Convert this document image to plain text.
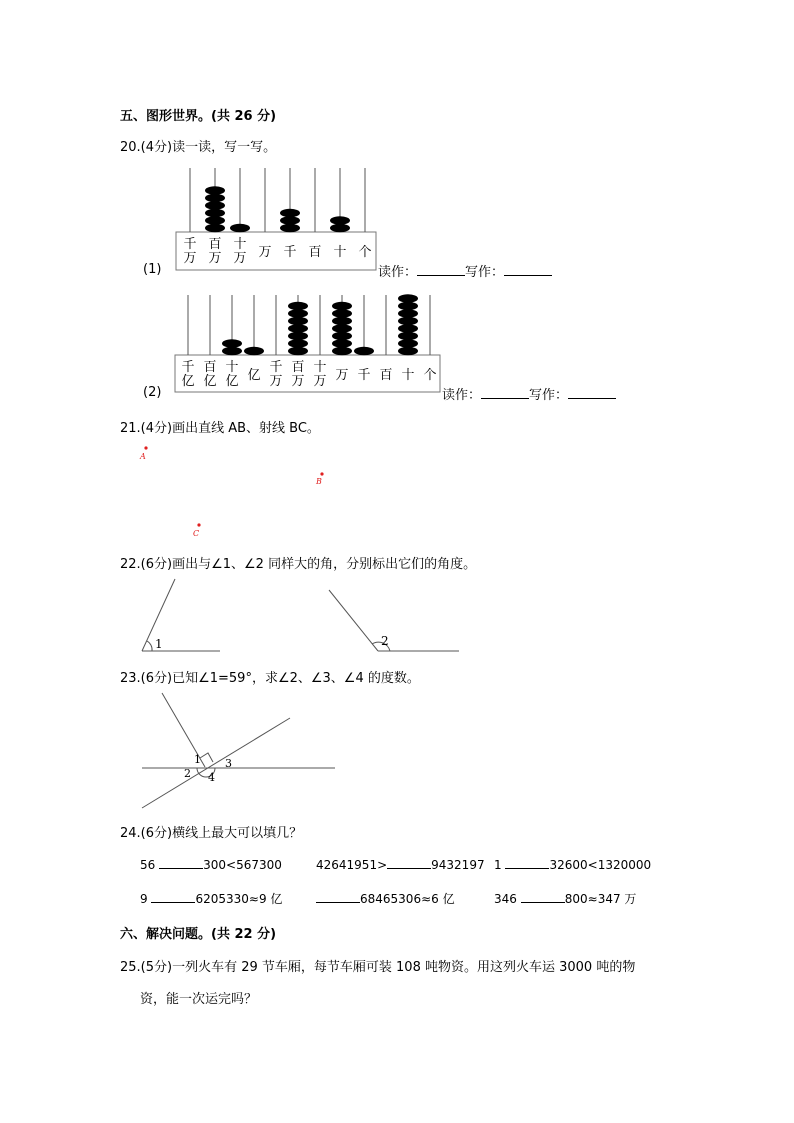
五、图形世界。(共 26 分)
20.(4分)读一读，写一写。
(1)
千
万
百
万
十
万 万 千 百 十 个
读作：	写作：
(2)
千
亿
百
亿
十
亿 亿
千
万
百
万
十
万 万 千 百 十 个
读作：	写作：
21.(4分)画出直线 AB、射线 BC。
A
B
C
22.(6分)画出与∠1、∠2 同样大的角，分别标出它们的角度。
1	2
23.(6分)已知∠1=59°，求∠2、∠3、∠4 的度数。
1
2
3
4
24.(6分)横线上最大可以填几？
56	300<567300	42641951>	9432197 1	32600<1320000
9	6205330≈9 亿	68465306≈6 亿	346	800≈347 万
六、解决问题。(共 22 分)
25.(5分)一列火车有 29 节车厢，每节车厢可装 108 吨物资。用这列火车运 3000 吨的物
资，能一次运完吗？
